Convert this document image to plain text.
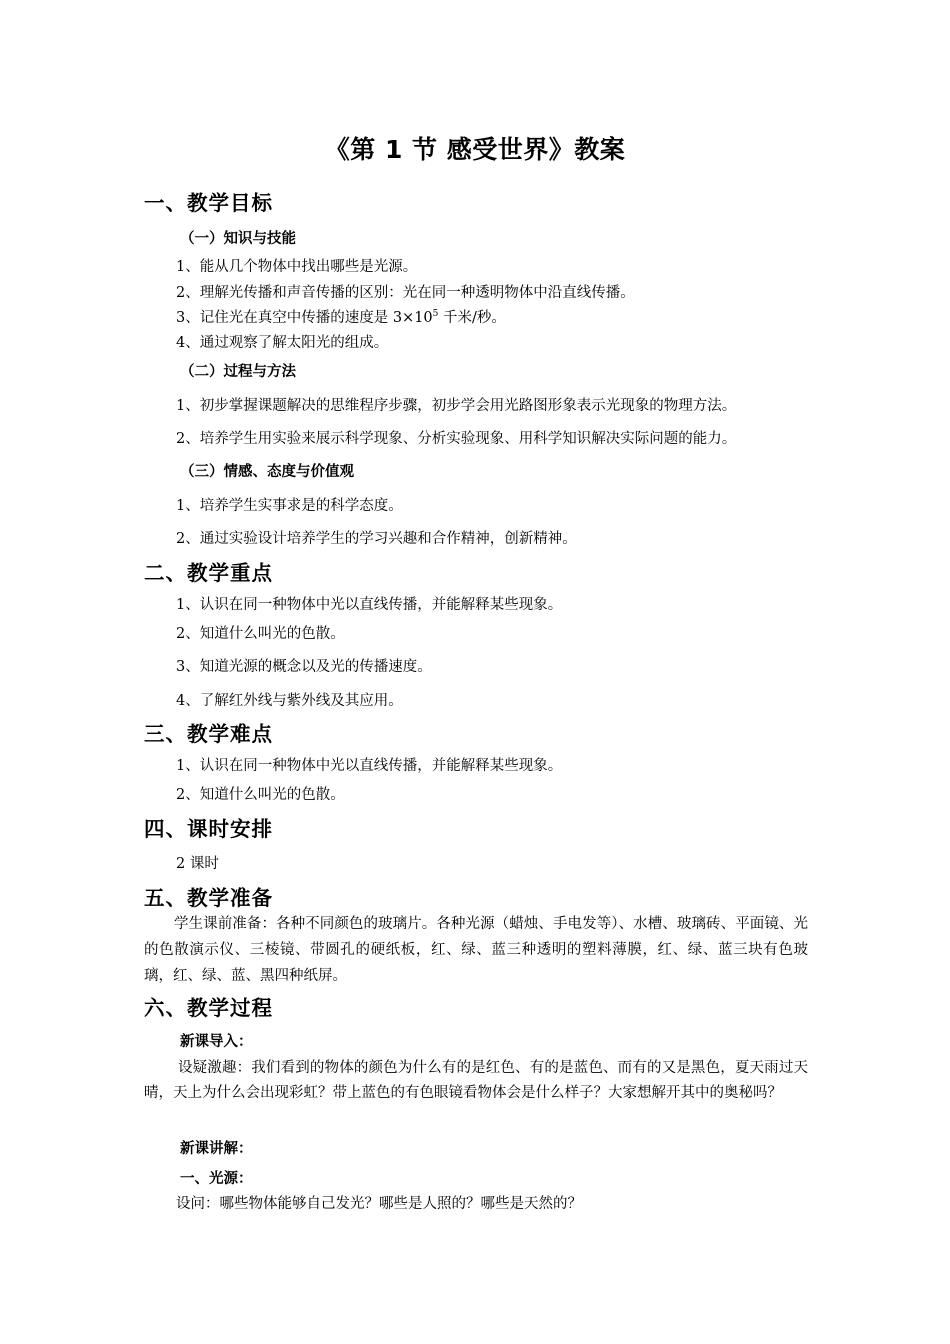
《第 1 节 感受世界》教案
一、教学目标
（一）知识与技能
1、能从几个物体中找出哪些是光源。
2、理解光传播和声音传播的区别：光在同一种透明物体中沿直线传播。
3、记住光在真空中传播的速度是 $3\times 10^5$ 千米/秒。
4、通过观察了解太阳光的组成。
（二）过程与方法
1、初步掌握课题解决的思维程序步骤，初步学会用光路图形象表示光现象的物理方法。
2、培养学生用实验来展示科学现象、分析实验现象、用科学知识解决实际问题的能力。
（三）情感、态度与价值观
1、培养学生实事求是的科学态度。
2、通过实验设计培养学生的学习兴趣和合作精神，创新精神。
二、教学重点
1、认识在同一种物体中光以直线传播，并能解释某些现象。
2、知道什么叫光的色散。
3、知道光源的概念以及光的传播速度。
4、了解红外线与紫外线及其应用。
三、教学难点
1、认识在同一种物体中光以直线传播，并能解释某些现象。
2、知道什么叫光的色散。
四、课时安排
2 课时
五、教学准备
学生课前准备：各种不同颜色的玻璃片。各种光源（蜡烛、手电发等）、水槽、玻璃砖、平面镜、光的色散演示仪、三棱镜、带圆孔的硬纸板，红、绿、蓝三种透明的塑料薄膜，红、绿、蓝三块有色玻璃，红、绿、蓝、黑四种纸屏。
六、教学过程
新课导入：
设疑激趣：我们看到的物体的颜色为什么有的是红色、有的是蓝色、而有的又是黑色，夏天雨过天晴，天上为什么会出现彩虹？带上蓝色的有色眼镜看物体会是什么样子？大家想解开其中的奥秘吗？
新课讲解：
一、光源：
设问：哪些物体能够自己发光？哪些是人照的？哪些是天然的？
